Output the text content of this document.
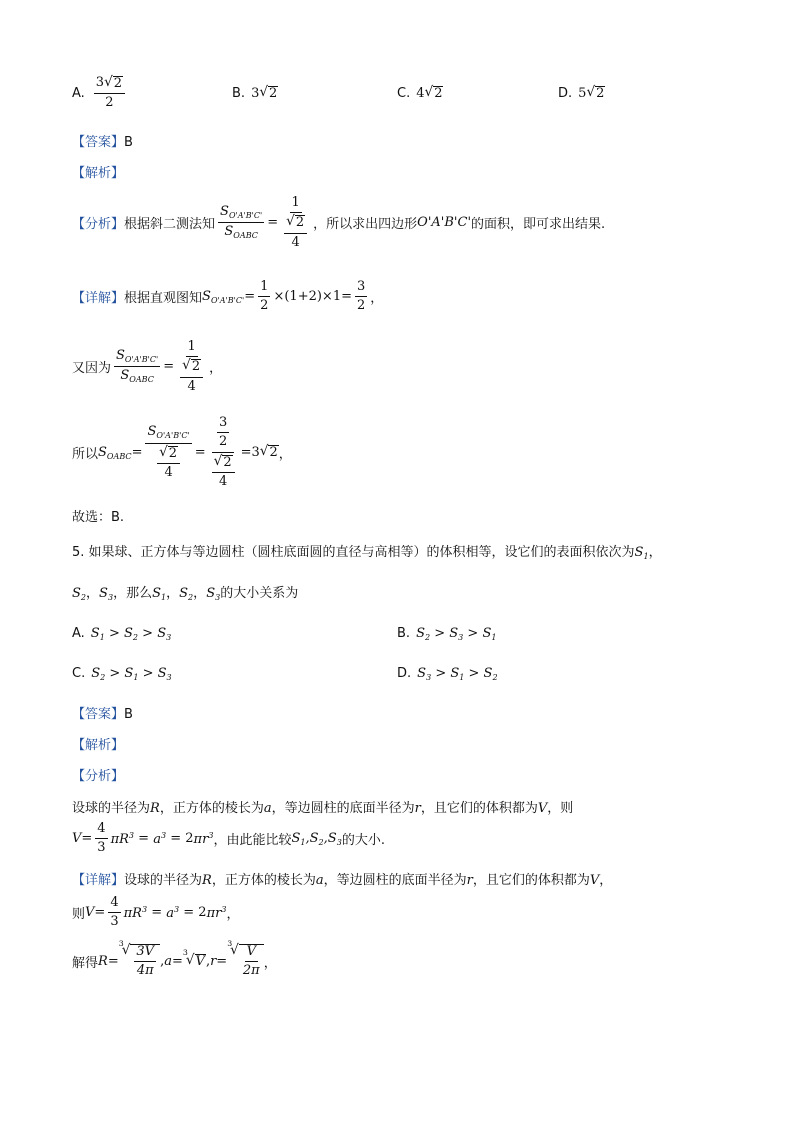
A. $\frac{3 √ 2}{2}$	B. 3 √ 2	C. 4 √ 2	D. 5 √ 2
【答案】B
【解析】
【分析】 根据斜二测法知 $\frac{S_{O'A'B'C'}}{S_{OABC}} = \frac{1}{\frac{√ 2}{4}}$ ，所以求出四边形 O'A'B'C' 的面积，即可求出结果.
【详解】 根据直观图知 $S_{O'A'B'C'} = \frac{1}{2} \times(1+2)\times 1= \frac{3}{2}$ ，
又因为 $\frac{S_{O'A'B'C'}}{S_{OABC}} = \frac{1}{\frac{√ 2}{4}}$ ，
所以 $S_{OABC} = \frac{S_{O'A'B'C'}}{\frac{√ 2}{4}} = \frac{\frac{3}{2}}{\frac{√ 2}{4}} =3$ √ 2 ，
故选：B.
5. 如果球、正方体与等边圆柱（圆柱底面圆的直径与高相等）的体积相等，设它们的表面积依次为$S_1$，
$S_2$，$S_3$，那么$S_1$，$S_2$，$S_3$的大小关系为
A. $S_1 > S_2 > S_3$	B. $S_2 > S_3 > S_1$
C. $S_2 > S_1 > S_3$	D. $S_3 > S_1 > S_2$
【答案】B
【解析】
【分析】
设球的半径为R，正方体的棱长为a，等边圆柱的底面半径为r，且它们的体积都为V，则
$V = \frac{4}{3} \pi R^3 = a^3 = 2$ $\pi r^3$ ，由此能比较 $S_1,S_2,S_3$ 的大小.
【详解】设球的半径为R，正方体的棱长为a，等边圆柱的底面半径为r，且它们的体积都为V，
则 $V = \frac{4}{3} \pi R^3 = a^3 = 2$ $\pi r^3$ ，
解得 R =
3
√ $\frac{3V}{4\pi}$ , a =
3
√ V , r =
3
√ $\frac{V}{2\pi}$ ，
